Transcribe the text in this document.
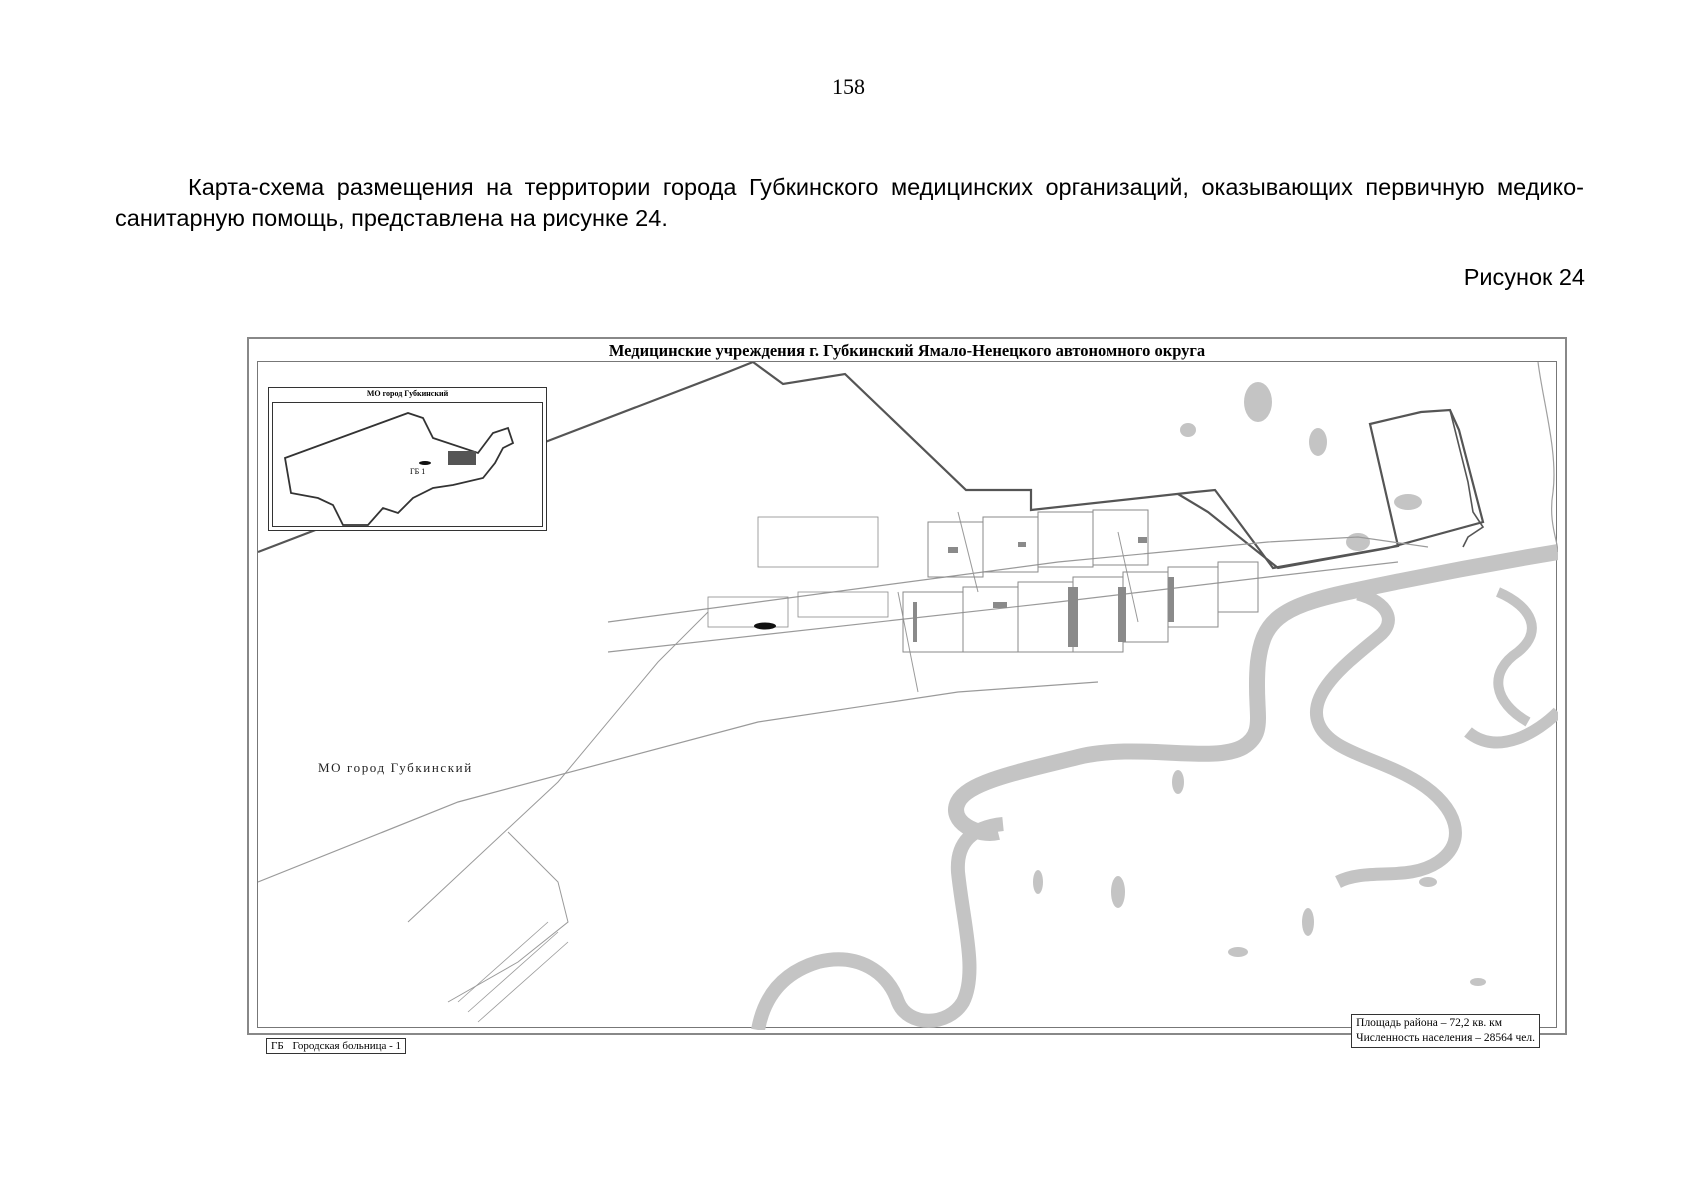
158

Карта-схема размещения на территории города Губкинского медицинских организаций, оказывающих первичную медико-санитарную помощь, представлена на рисунке 24.

Рисунок 24
Медицинские учреждения г. Губкинский Ямало-Ненецкого автономного округа
МО город Губкинский
ГБ 1
МО город Губкинский
ГБ Городская больница - 1
Площадь района – 72,2 кв. км
Численность населения – 28564 чел.
